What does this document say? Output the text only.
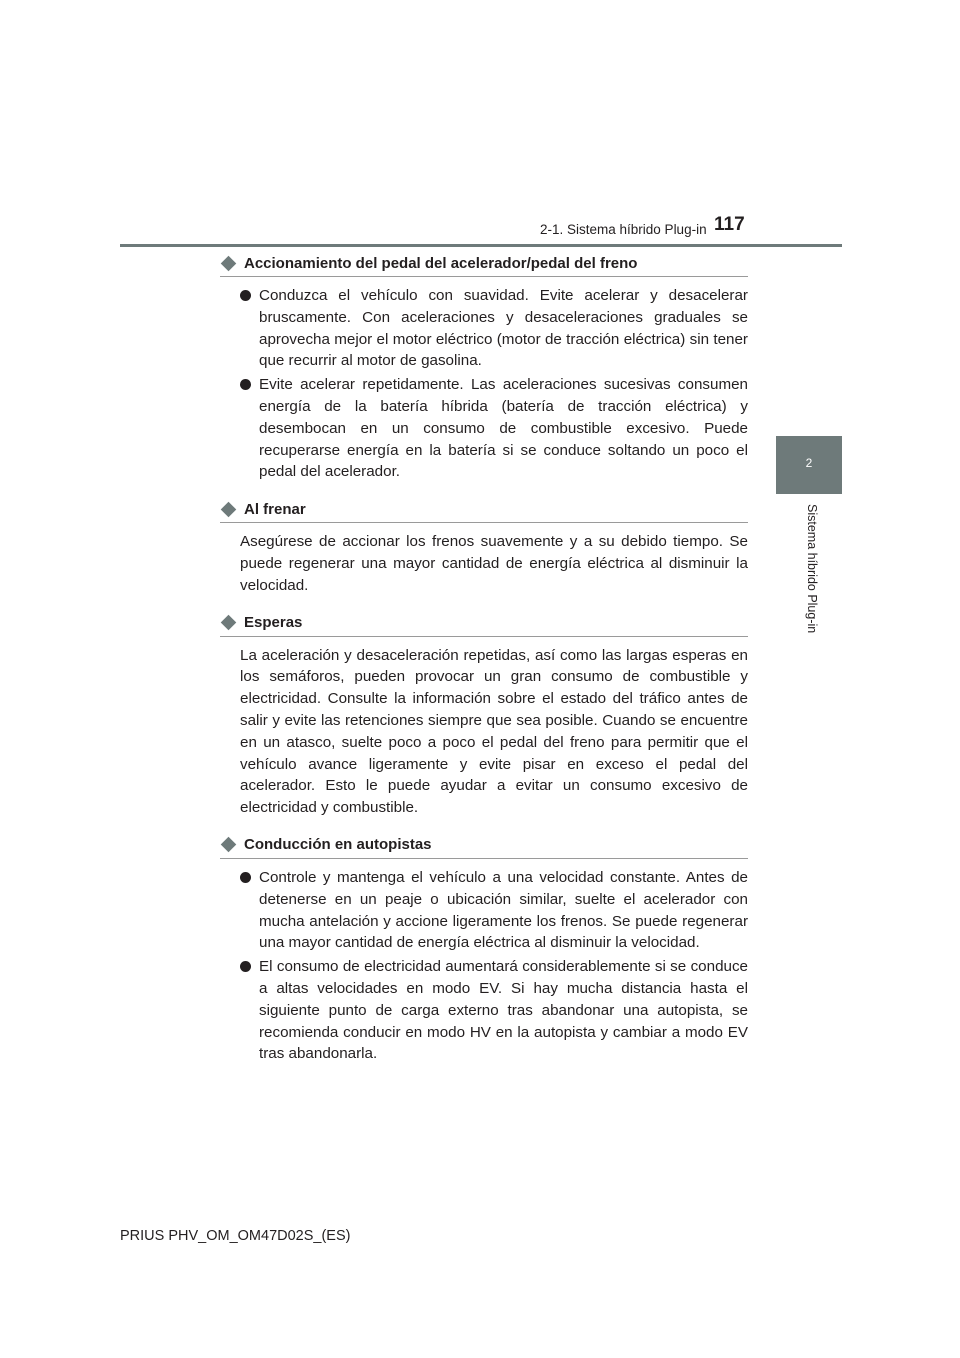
2-1. Sistema híbrido Plug-in 117
2
Sistema híbrido Plug-in
Accionamiento del pedal del acelerador/pedal del freno
Conduzca el vehículo con suavidad. Evite acelerar y desacelerar bruscamente. Con aceleraciones y desaceleraciones graduales se aprovecha mejor el motor eléctrico (motor de tracción eléctrica) sin tener que recurrir al motor de gasolina.
Evite acelerar repetidamente. Las aceleraciones sucesivas consumen energía de la batería híbrida (batería de tracción eléctrica) y desembocan en un consumo de combustible excesivo. Puede recuperarse energía en la batería si se conduce soltando un poco el pedal del acelerador.
Al frenar
Asegúrese de accionar los frenos suavemente y a su debido tiempo. Se puede regenerar una mayor cantidad de energía eléctrica al disminuir la velocidad.
Esperas
La aceleración y desaceleración repetidas, así como las largas esperas en los semáforos, pueden provocar un gran consumo de combustible y electricidad. Consulte la información sobre el estado del tráfico antes de salir y evite las retenciones siempre que sea posible. Cuando se encuentre en un atasco, suelte poco a poco el pedal del freno para permitir que el vehículo avance ligeramente y evite pisar en exceso el pedal del acelerador. Esto le puede ayudar a evitar un consumo excesivo de electricidad y combustible.
Conducción en autopistas
Controle y mantenga el vehículo a una velocidad constante. Antes de detenerse en un peaje o ubicación similar, suelte el acelerador con mucha antelación y accione ligeramente los frenos. Se puede regenerar una mayor cantidad de energía eléctrica al disminuir la velocidad.
El consumo de electricidad aumentará considerablemente si se conduce a altas velocidades en modo EV. Si hay mucha distancia hasta el siguiente punto de carga externo tras abandonar una autopista, se recomienda conducir en modo HV en la autopista y cambiar a modo EV tras abandonarla.
PRIUS PHV_OM_OM47D02S_(ES)
